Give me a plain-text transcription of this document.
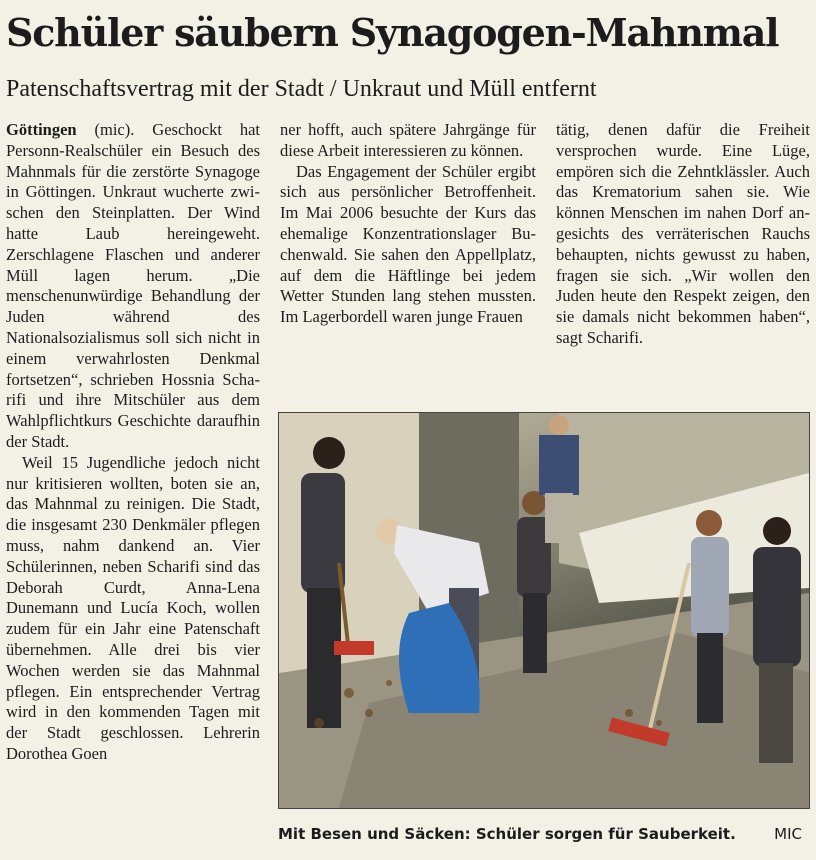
Schüler säubern Synagogen-Mahnmal
Patenschaftsvertrag mit der Stadt / Unkraut und Müll entfernt

Göttingen (mic). Geschockt hat Personn-Realschüler ein Besuch des Mahnmals für die zerstörte Synagoge in Göttingen. Unkraut wucherte zwischen den Steinplatten. Der Wind hatte Laub hereingeweht. Zerschlagene Flaschen und anderer Müll lagen herum. „Die menschenunwürdige Behandlung der Juden während des Nationalsozialismus soll sich nicht in einem verwahrlosten Denkmal fortsetzen“, schrieben Hossnia Scharifi und ihre Mitschüler aus dem Wahlpflichtkurs Geschichte daraufhin der Stadt.

Weil 15 Jugendliche jedoch nicht nur kritisieren wollten, boten sie an, das Mahnmal zu reinigen. Die Stadt, die insgesamt 230 Denkmäler pflegen muss, nahm dankend an. Vier Schülerinnen, neben Scharifi sind das Deborah Curdt, Anna-Lena Dunemann und Lucía Koch, wollen zudem für ein Jahr eine Patenschaft übernehmen. Alle drei bis vier Wochen werden sie das Mahnmal pflegen. Ein entsprechender Vertrag wird in den kommenden Tagen mit der Stadt geschlossen. Lehrerin Dorothea Goen

ner hofft, auch spätere Jahrgänge für diese Arbeit interessieren zu können.

Das Engagement der Schüler ergibt sich aus persönlicher Betroffenheit. Im Mai 2006 besuchte der Kurs das ehemalige Konzentrationslager Buchenwald. Sie sahen den Appellplatz, auf dem die Häftlinge bei jedem Wetter Stunden lang stehen mussten. Im Lagerbordell waren junge Frauen

tätig, denen dafür die Freiheit versprochen wurde. Eine Lüge, empören sich die Zehntklässler. Auch das Krematorium sahen sie. Wie können Menschen im nahen Dorf angesichts des verräterischen Rauchs behaupten, nichts gewusst zu haben, fragen sie sich. „Wir wollen den Juden heute den Respekt zeigen, den sie damals nicht bekommen haben“, sagt Scharifi.

Mit Besen und Säcken: Schüler sorgen für Sauberkeit.	MIC
